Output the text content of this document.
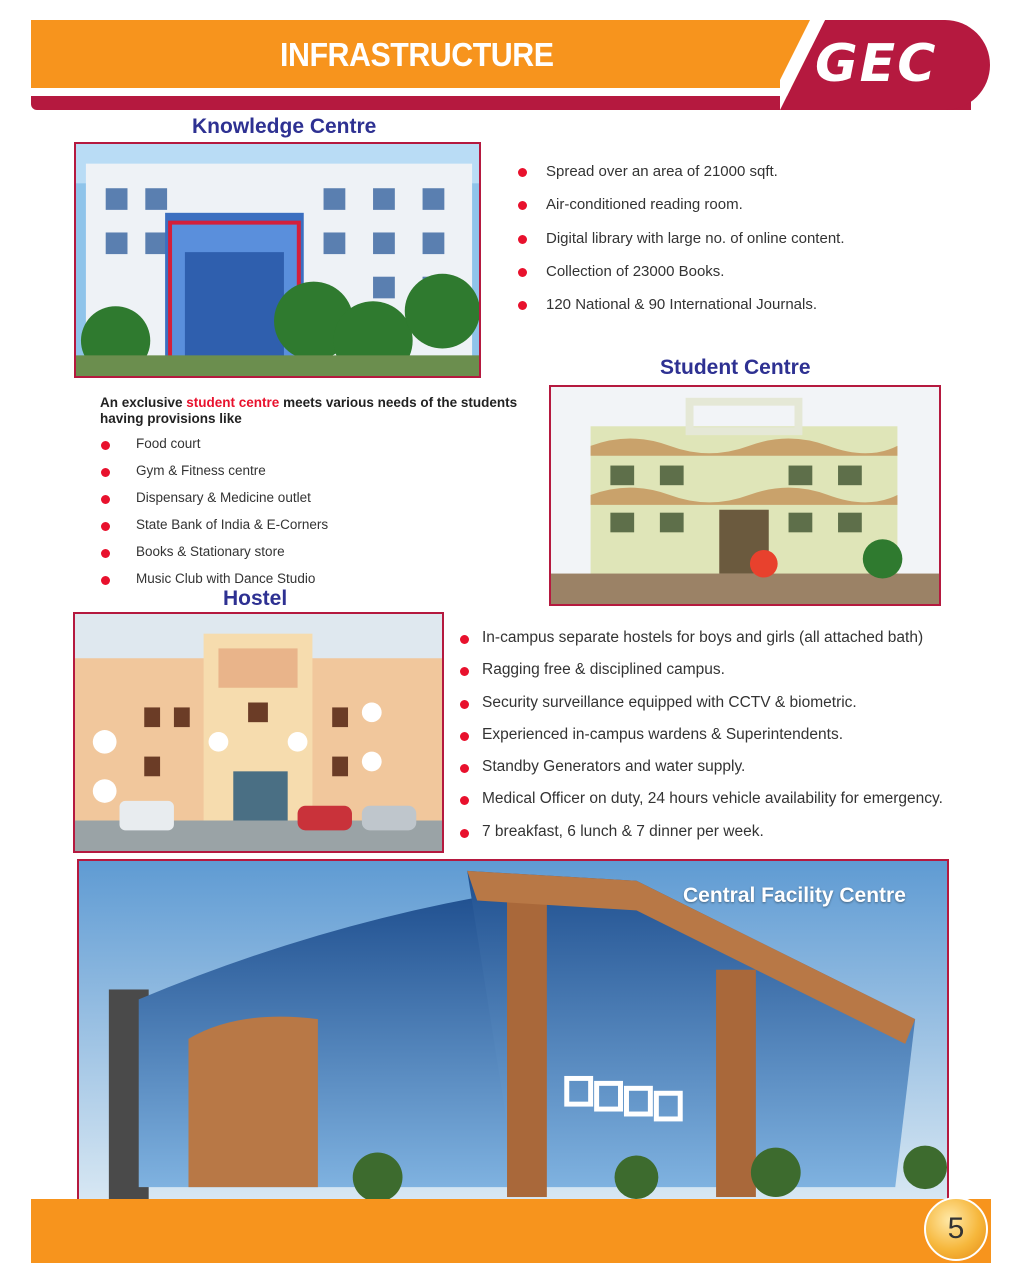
INFRASTRUCTURE	GEC
Knowledge Centre
Spread over an area of 21000 sqft.
Air-conditioned reading room.
Digital library with large no. of online content.
Collection of 23000 Books.
120 National & 90 International Journals.
Student Centre
An exclusive student centre meets various needs of the students having provisions like
Food court
Gym & Fitness centre
Dispensary & Medicine outlet
State Bank of India & E-Corners
Books & Stationary store
Music Club with Dance Studio
Hostel
In-campus separate hostels for boys and girls (all attached bath)
Ragging free & disciplined campus.
Security surveillance equipped with CCTV & biometric.
Experienced in-campus wardens & Superintendents.
Standby Generators and water supply.
Medical Officer on duty, 24 hours vehicle availability for emergency.
7 breakfast, 6 lunch & 7 dinner per week.
Central Facility Centre
5
